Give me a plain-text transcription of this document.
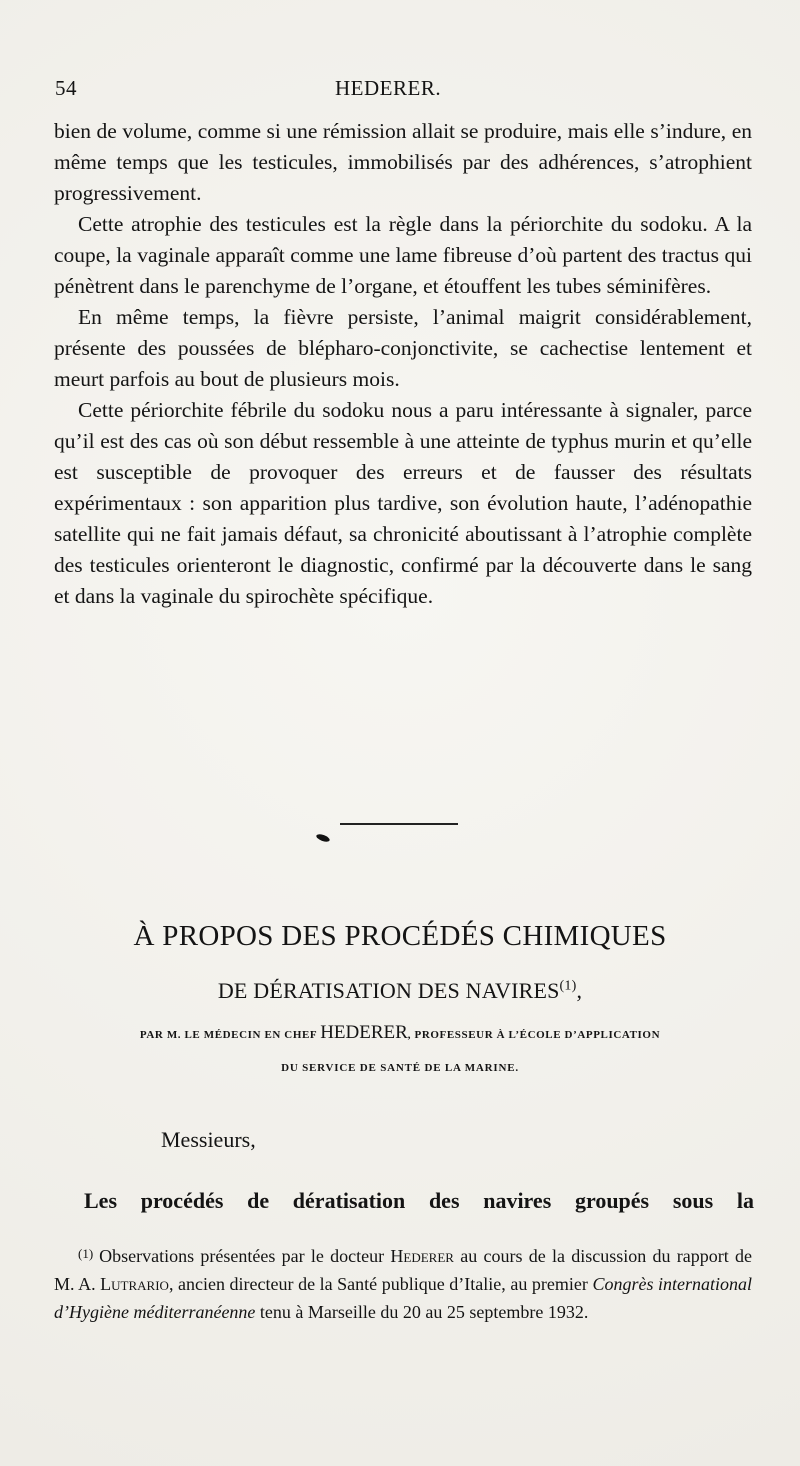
54	HEDERER.

bien de volume, comme si une rémission allait se produire, mais elle s’indure, en même temps que les testicules, immobilisés par des adhérences, s’atrophient progressivement.

Cette atrophie des testicules est la règle dans la périorchite du sodoku. A la coupe, la vaginale apparaît comme une lame fibreuse d’où partent des tractus qui pénètrent dans le parenchyme de l’organe, et étouffent les tubes séminifères.

En même temps, la fièvre persiste, l’animal maigrit considérablement, présente des poussées de blépharo-conjonctivite, se cachectise lentement et meurt parfois au bout de plusieurs mois.

Cette périorchite fébrile du sodoku nous a paru intéressante à signaler, parce qu’il est des cas où son début ressemble à une atteinte de typhus murin et qu’elle est susceptible de provoquer des erreurs et de fausser des résultats expérimentaux : son apparition plus tardive, son évolution haute, l’adénopathie satellite qui ne fait jamais défaut, sa chronicité aboutissant à l’atrophie complète des testicules orienteront le diagnostic, confirmé par la découverte dans le sang et dans la vaginale du spirochète spécifique.

À PROPOS DES PROCÉDÉS CHIMIQUES
DE DÉRATISATION DES NAVIRES$^{(1)}$,
PAR M. LE MÉDECIN EN CHEF HEDERER, PROFESSEUR À L’ÉCOLE D’APPLICATION
DU SERVICE DE SANTÉ DE LA MARINE.
Messieurs,
Les procédés de dératisation des navires groupés sous la

$^{(1)}$ Observations présentées par le docteur Hederer au cours de la discussion du rapport de M. A. Lutrario, ancien directeur de la Santé publique d’Italie, au premier Congrès international d’Hygiène méditerranéenne tenu à Marseille du 20 au 25 septembre 1932.
